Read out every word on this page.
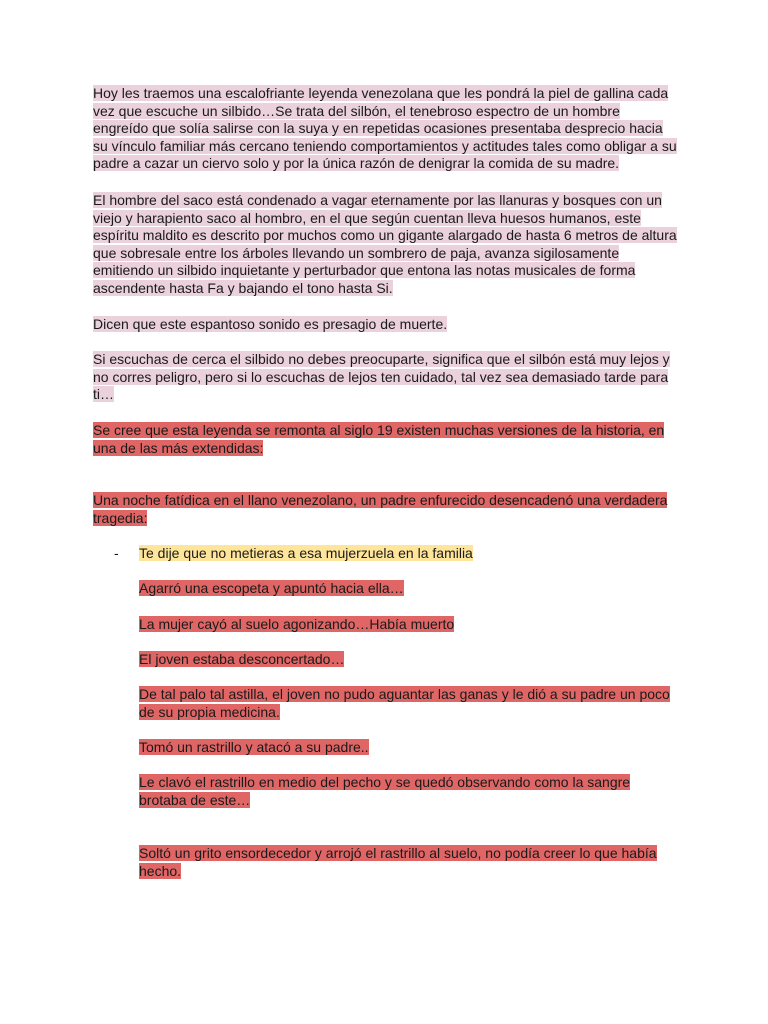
Hoy les traemos una escalofriante leyenda venezolana que les pondrá la piel de gallina cada vez que escuche un silbido…Se trata del silbón, el tenebroso espectro de un hombre engreído que solía salirse con la suya y en repetidas ocasiones presentaba desprecio hacia su vínculo familiar más cercano teniendo comportamientos y actitudes tales como obligar a su padre a cazar un ciervo solo y por la única razón de denigrar la comida de su madre.

El hombre del saco está condenado a vagar eternamente por las llanuras y bosques con un viejo y harapiento saco al hombro, en el que según cuentan lleva huesos humanos, este espíritu maldito es descrito por muchos como un gigante alargado de hasta 6 metros de altura que sobresale entre los árboles llevando un sombrero de paja, avanza sigilosamente emitiendo un silbido inquietante y perturbador que entona las notas musicales de forma ascendente hasta Fa y bajando el tono hasta Si.

Dicen que este espantoso sonido es presagio de muerte.

Si escuchas de cerca el silbido no debes preocuparte, significa que el silbón está muy lejos y no corres peligro, pero si lo escuchas de lejos ten cuidado, tal vez sea demasiado tarde para ti…

Se cree que esta leyenda se remonta al siglo 19 existen muchas versiones de la historia, en una de las más extendidas:

Una noche fatídica en el llano venezolano, un padre enfurecido desencadenó una verdadera tragedia:

- Te dije que no metieras a esa mujerzuela en la familia

Agarró una escopeta y apuntó hacia ella…

La mujer cayó al suelo agonizando…Había muerto

El joven estaba desconcertado…

De tal palo tal astilla, el joven no pudo aguantar las ganas y le dió a su padre un poco de su propia medicina.

Tomó un rastrillo y atacó a su padre..

Le clavó el rastrillo en medio del pecho y se quedó observando como la sangre brotaba de este…

Soltó un grito ensordecedor y arrojó el rastrillo al suelo, no podía creer lo que había hecho.
